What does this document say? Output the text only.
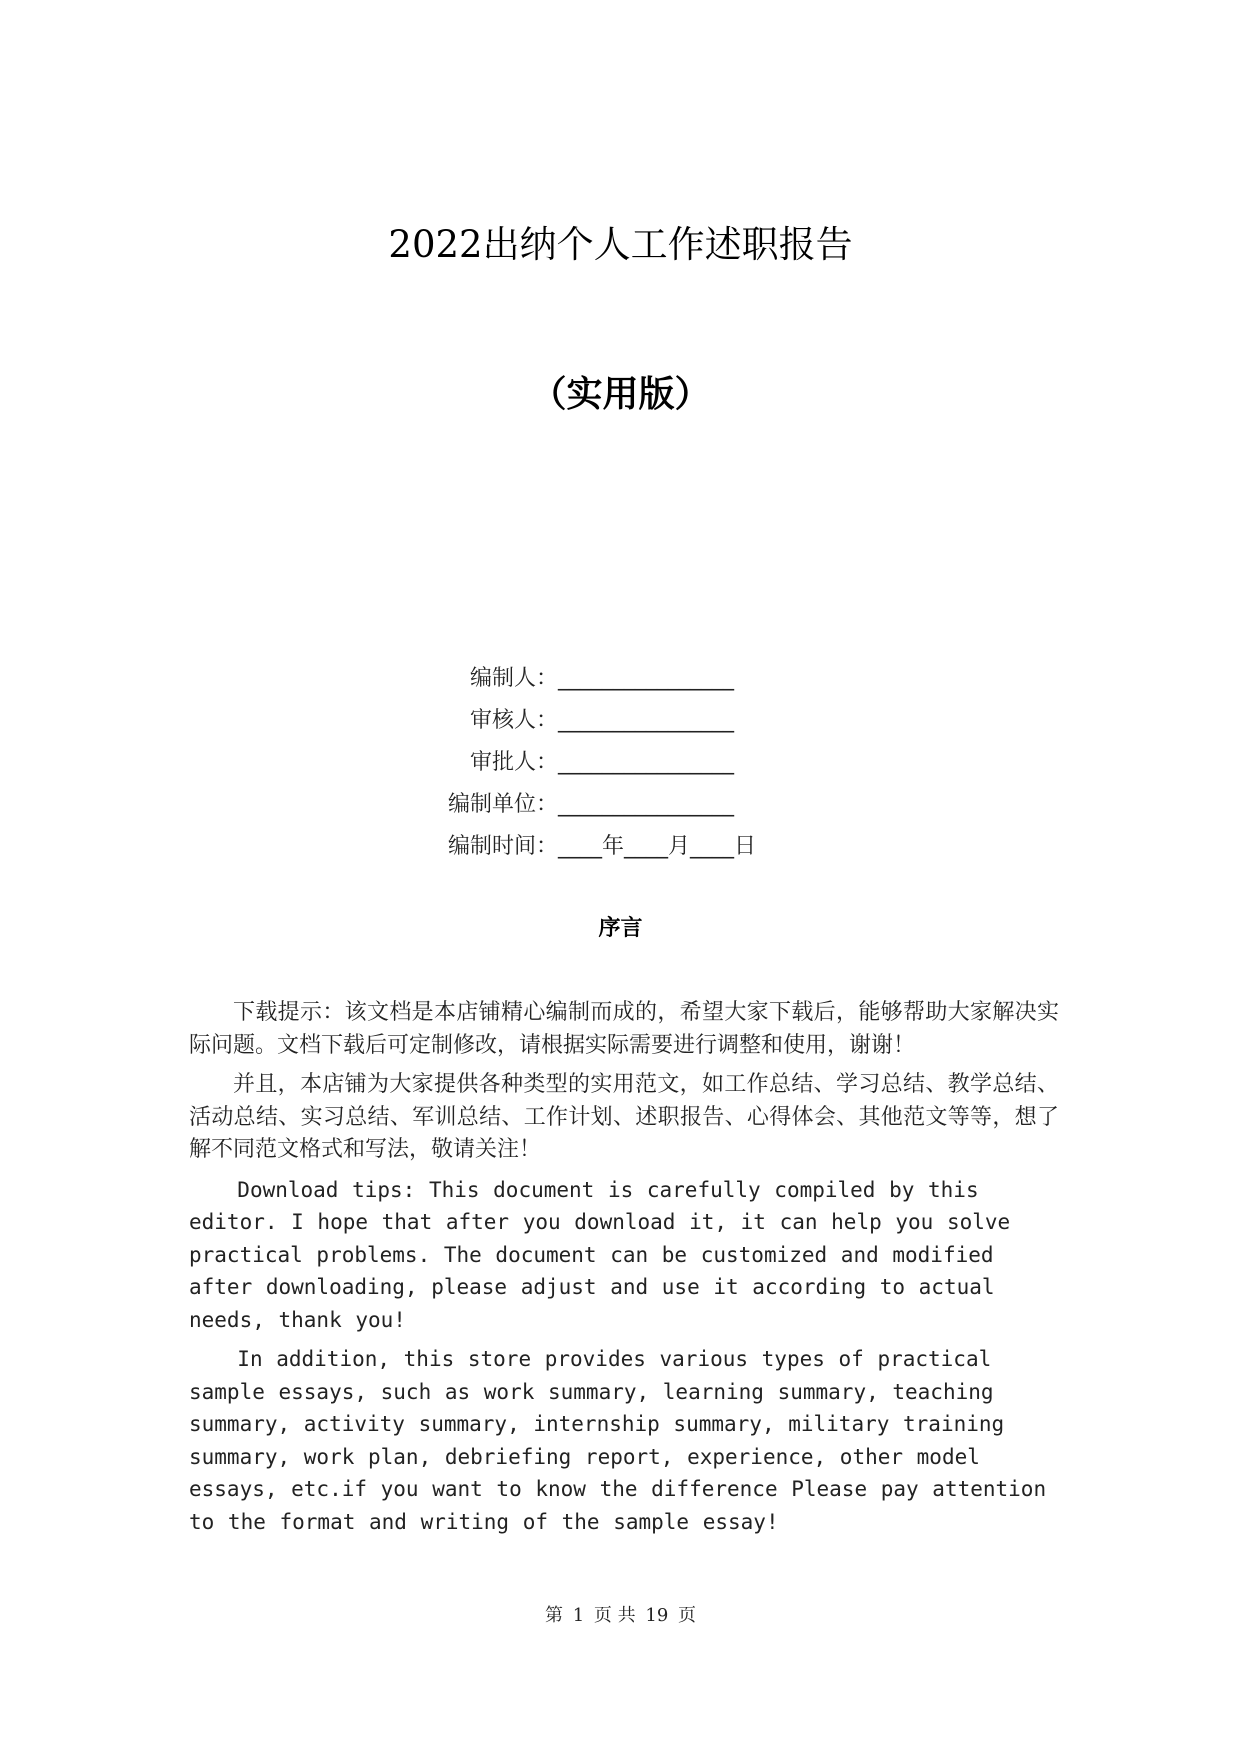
2022出纳个人工作述职报告
（实用版）
编制人：________________
审核人：________________
审批人：________________
编制单位：________________
编制时间：____年____月____日
序言

下载提示：该文档是本店铺精心编制而成的，希望大家下载后，能够帮助大家解决实际问题。文档下载后可定制修改，请根据实际需要进行调整和使用，谢谢！

并且，本店铺为大家提供各种类型的实用范文，如工作总结、学习总结、教学总结、活动总结、实习总结、军训总结、工作计划、述职报告、心得体会、其他范文等等，想了解不同范文格式和写法，敬请关注！

Download tips: This document is carefully compiled by this editor. I hope that after you download it, it can help you solve practical problems. The document can be customized and modified after downloading, please adjust and use it according to actual needs, thank you!

In addition, this store provides various types of practical sample essays, such as work summary, learning summary, teaching summary, activity summary, internship summary, military training summary, work plan, debriefing report, experience, other model essays, etc.if you want to know the difference Please pay attention to the format and writing of the sample essay!

第 1 页 共 19 页
